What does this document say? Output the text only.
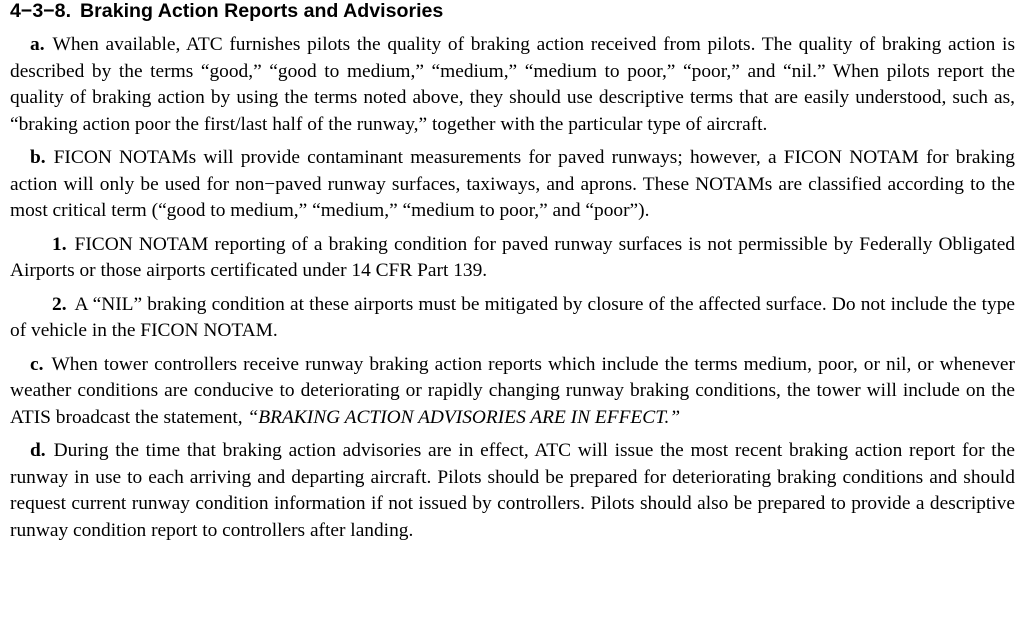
4−3−8. Braking Action Reports and Advisories

a. When available, ATC furnishes pilots the quality of braking action received from pilots. The quality of braking action is described by the terms “good,” “good to medium,” “medium,” “medium to poor,” “poor,” and “nil.” When pilots report the quality of braking action by using the terms noted above, they should use descriptive terms that are easily understood, such as, “braking action poor the first/last half of the runway,” together with the particular type of aircraft.

b. FICON NOTAMs will provide contaminant measurements for paved runways; however, a FICON NOTAM for braking action will only be used for non−paved runway surfaces, taxiways, and aprons. These NOTAMs are classified according to the most critical term (“good to medium,” “medium,” “medium to poor,” and “poor”).

1. FICON NOTAM reporting of a braking condition for paved runway surfaces is not permissible by Federally Obligated Airports or those airports certificated under 14 CFR Part 139.

2. A “NIL” braking condition at these airports must be mitigated by closure of the affected surface. Do not include the type of vehicle in the FICON NOTAM.

c. When tower controllers receive runway braking action reports which include the terms medium, poor, or nil, or whenever weather conditions are conducive to deteriorating or rapidly changing runway braking conditions, the tower will include on the ATIS broadcast the statement, “BRAKING ACTION ADVISORIES ARE IN EFFECT.”

d. During the time that braking action advisories are in effect, ATC will issue the most recent braking action report for the runway in use to each arriving and departing aircraft. Pilots should be prepared for deteriorating braking conditions and should request current runway condition information if not issued by controllers. Pilots should also be prepared to provide a descriptive runway condition report to controllers after landing.
